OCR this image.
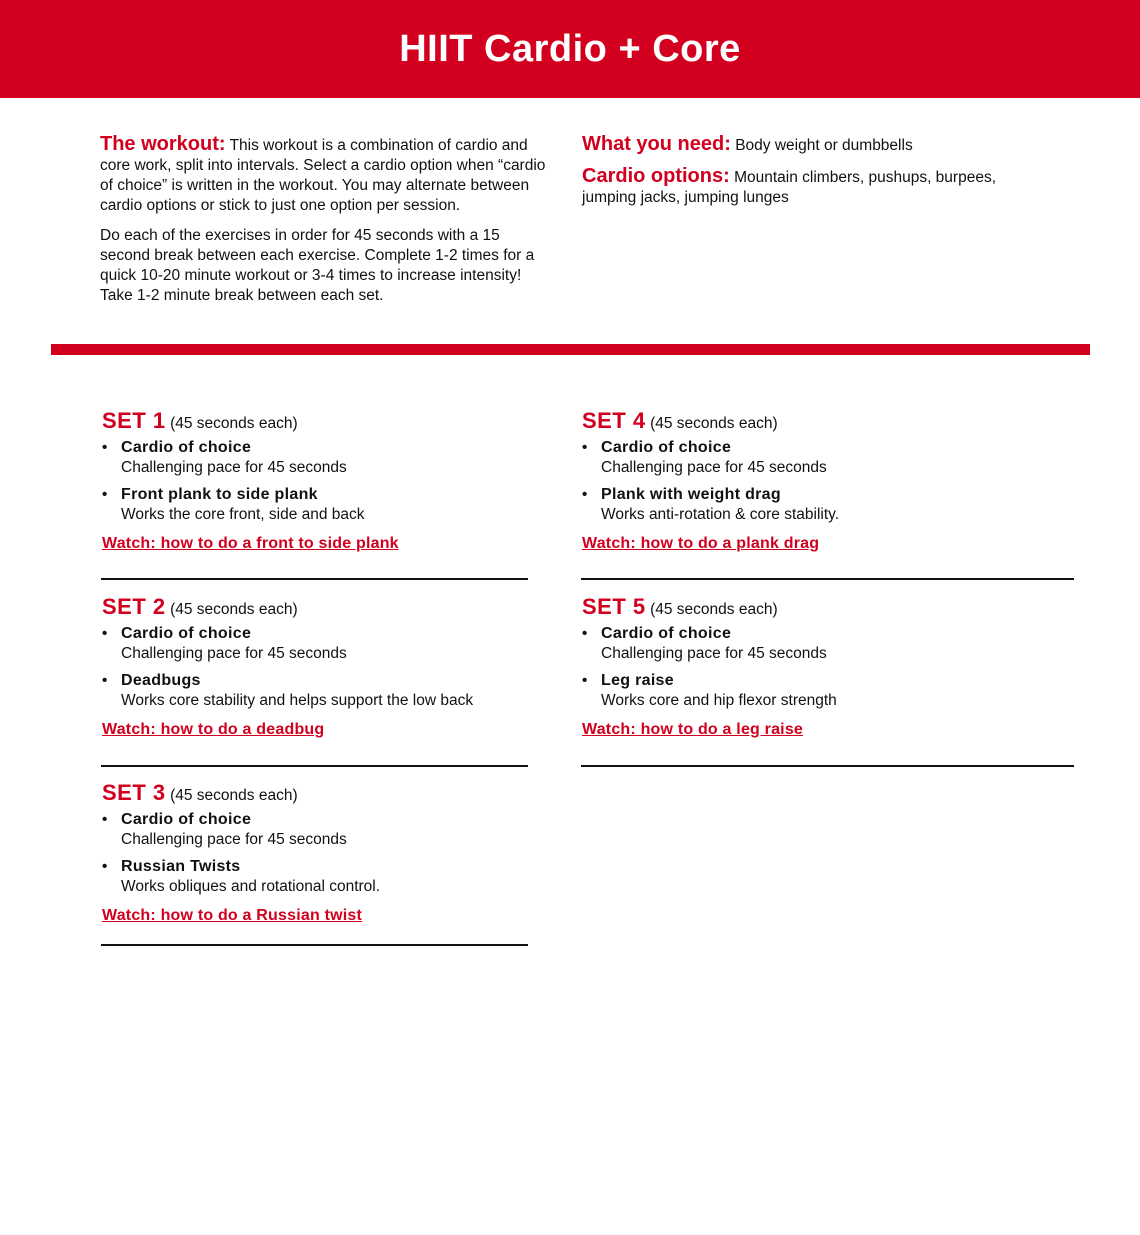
HIIT Cardio + Core

The workout: This workout is a combination of cardio and core work, split into intervals. Select a cardio option when “cardio of choice” is written in the workout. You may alternate between cardio options or stick to just one option per session.

Do each of the exercises in order for 45 seconds with a 15 second break between each exercise. Complete 1-2 times for a quick 10-20 minute workout or 3-4 times to increase intensity! Take 1-2 minute break between each set.

What you need: Body weight or dumbbells

Cardio options: Mountain climbers, pushups, burpees, jumping jacks, jumping lunges

SET 1 (45 seconds each)
• Cardio of choice
Challenging pace for 45 seconds
• Front plank to side plank
Works the core front, side and back
Watch: how to do a front to side plank
SET 2 (45 seconds each)
• Cardio of choice
Challenging pace for 45 seconds
• Deadbugs
Works core stability and helps support the low back
Watch: how to do a deadbug
SET 3 (45 seconds each)
• Cardio of choice
Challenging pace for 45 seconds
• Russian Twists
Works obliques and rotational control.
Watch: how to do a Russian twist
SET 4 (45 seconds each)
• Cardio of choice
Challenging pace for 45 seconds
• Plank with weight drag
Works anti-rotation & core stability.
Watch: how to do a plank drag
SET 5 (45 seconds each)
• Cardio of choice
Challenging pace for 45 seconds
• Leg raise
Works core and hip flexor strength
Watch: how to do a leg raise
